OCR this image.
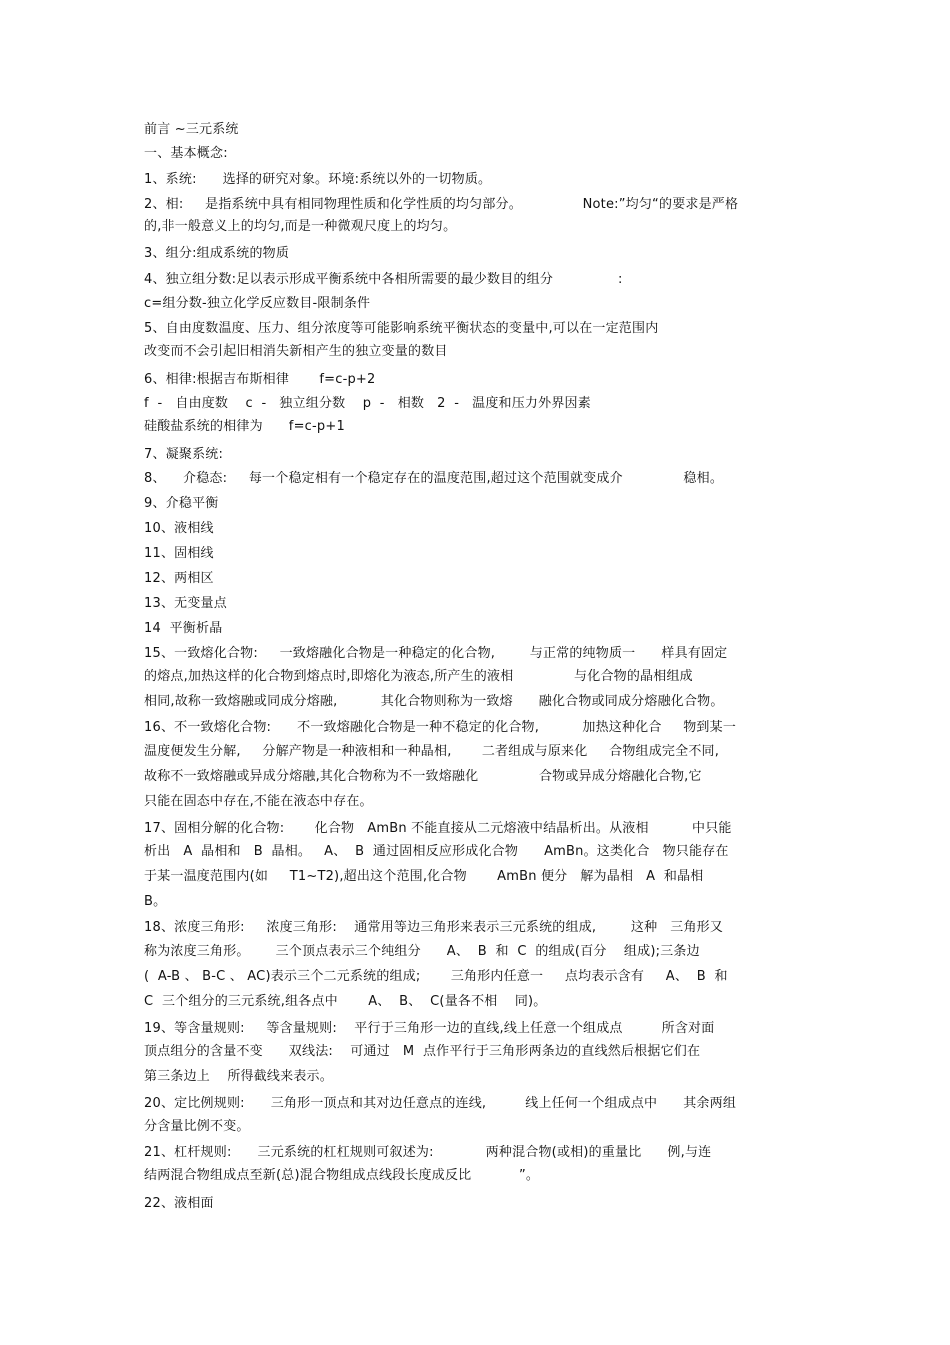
前言 ~三元系统
一、基本概念:
1、系统:      选择的研究对象。环境:系统以外的一切物质。
2、相:     是指系统中具有相同物理性质和化学性质的均匀部分。              Note:”均匀“的要求是严格
的,非一般意义上的均匀,而是一种微观尺度上的均匀。
3、组分:组成系统的物质
4、独立组分数:足以表示形成平衡系统中各相所需要的最少数目的组分               :
c=组分数-独立化学反应数目-限制条件
5、自由度数温度、压力、组分浓度等可能影响系统平衡状态的变量中,可以在一定范围内
改变而不会引起旧相消失新相产生的独立变量的数目
6、相律:根据吉布斯相律       f=c-p+2
f  -   自由度数    c  -   独立组分数    p  -   相数   2  -   温度和压力外界因素
硅酸盐系统的相律为      f=c-p+1
7、凝聚系统:
8、    介稳态:     每一个稳定相有一个稳定存在的温度范围,超过这个范围就变成介              稳相。
9、介稳平衡
10、液相线
11、固相线
12、两相区
13、无变量点
14  平衡析晶
15、一致熔化合物:     一致熔融化合物是一种稳定的化合物,        与正常的纯物质一      样具有固定
的熔点,加热这样的化合物到熔点时,即熔化为液态,所产生的液相              与化合物的晶相组成
相同,故称一致熔融或同成分熔融,          其化合物则称为一致熔      融化合物或同成分熔融化合物。
16、不一致熔化合物:      不一致熔融化合物是一种不稳定的化合物,          加热这种化合     物到某一
温度便发生分解,     分解产物是一种液相和一种晶相,       二者组成与原来化     合物组成完全不同,
故称不一致熔融或异成分熔融,其化合物称为不一致熔融化              合物或异成分熔融化合物,它
只能在固态中存在,不能在液态中存在。
17、固相分解的化合物:       化合物   AmBn 不能直接从二元熔液中结晶析出。从液相          中只能
析出   A  晶相和   B  晶相。   A、  B  通过固相反应形成化合物      AmBn。这类化合   物只能存在
于某一温度范围内(如     T1~T2),超出这个范围,化合物       AmBn 便分   解为晶相   A  和晶相
B。
18、浓度三角形:     浓度三角形:    通常用等边三角形来表示三元系统的组成,        这种   三角形又
称为浓度三角形。      三个顶点表示三个纯组分      A、  B  和  C  的组成(百分    组成);三条边
(  A-B 、 B-C 、 AC)表示三个二元系统的组成;       三角形内任意一     点均表示含有     A、  B  和
C  三个组分的三元系统,组各点中       A、  B、  C(量各不相    同)。
19、等含量规则:     等含量规则:    平行于三角形一边的直线,线上任意一个组成点         所含对面
顶点组分的含量不变      双线法:    可通过   M  点作平行于三角形两条边的直线然后根据它们在
第三条边上    所得截线来表示。
20、定比例规则:      三角形一顶点和其对边任意点的连线,         线上任何一个组成点中      其余两组
分含量比例不变。
21、杠杆规则:      三元系统的杠杠规则可叙述为:            两种混合物(或相)的重量比      例,与连
结两混合物组成点至新(总)混合物组成点线段长度成反比           ”。
22、液相面
